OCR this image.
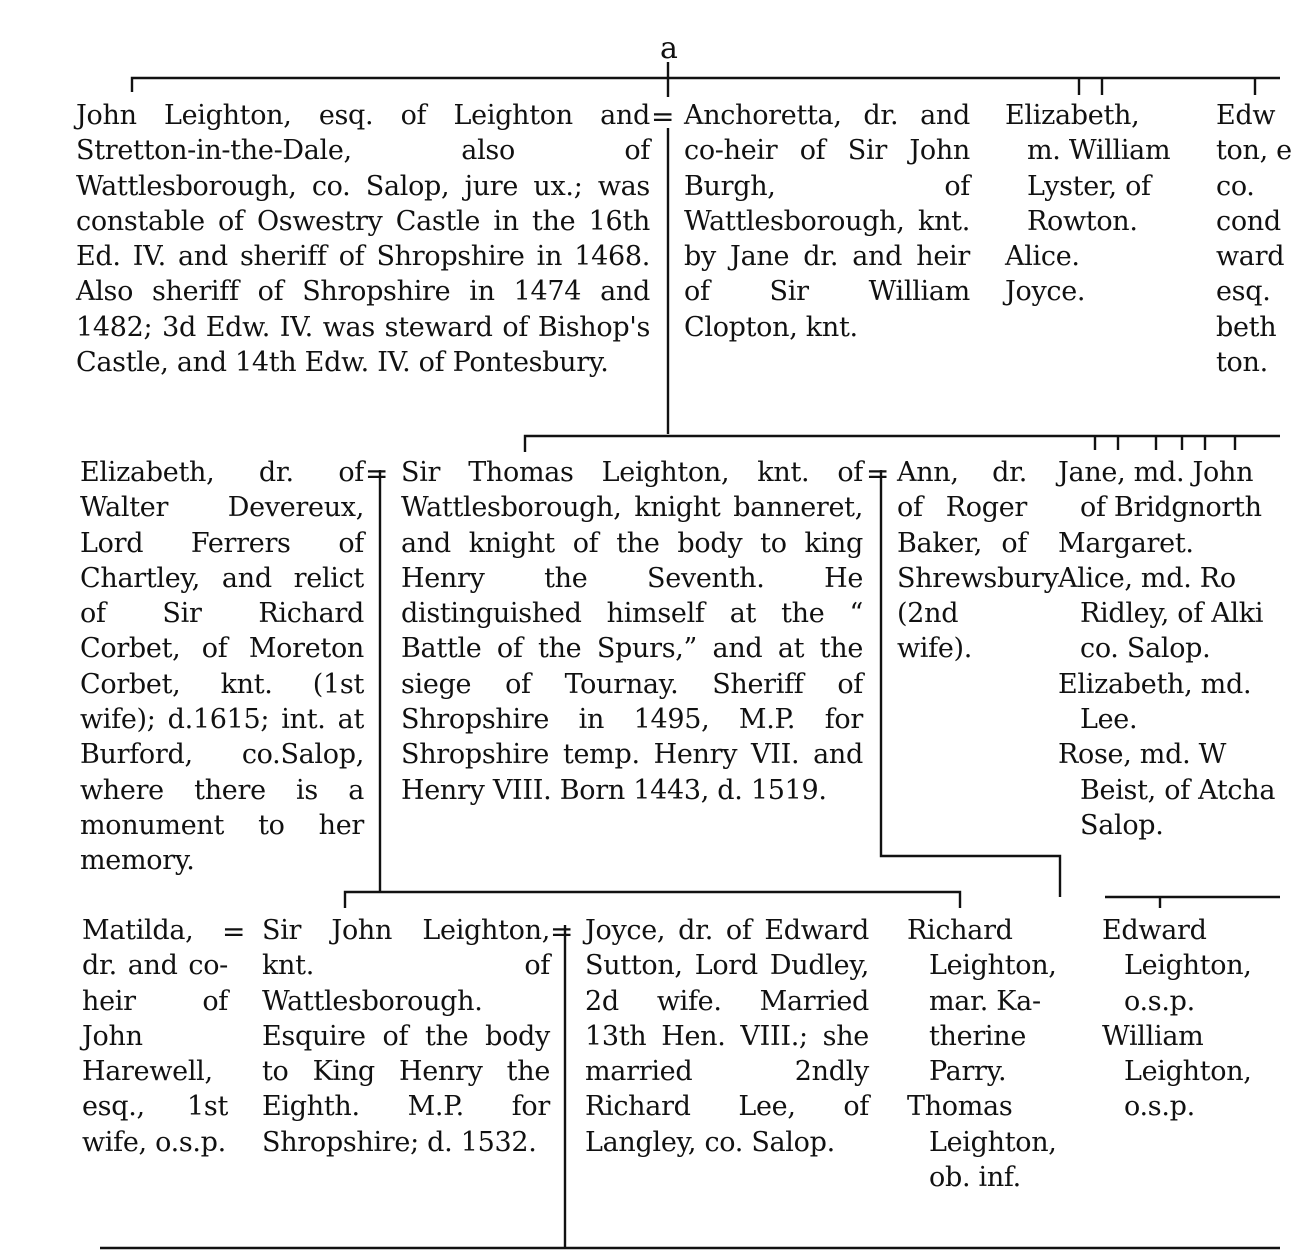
a
John Leighton, esq. of Leighton and Stretton-in-the-Dale, also of Wattlesborough, co. Salop, jure ux.; was constable of Oswestry Castle in the 16th Ed. IV. and sheriff of Shropshire in 1468. Also sheriff of Shropshire in 1474 and 1482; 3d Edw. IV. was steward of Bishop's Castle, and 14th Edw. IV. of Pontesbury.
= Anchoretta, dr. and co-heir of Sir John Burgh, of Wattlesborough, knt. by Jane dr. and heir of Sir William Clopton, knt.
Elizabeth,
m. William
Lyster, of
Rowton.
Alice.
Joyce.
Edw
ton, e
co.
cond
ward
esq.
beth
ton.
Elizabeth, dr. of Walter Devereux, Lord Ferrers of Chartley, and relict of Sir Richard Corbet, of Moreton Corbet, knt. (1st wife); d.1615; int. at Burford, co.Salop, where there is a monument to her memory.
= Sir Thomas Leighton, knt. of Wattlesborough, knight banneret, and knight of the body to king Henry the Seventh. He distinguished himself at the “ Battle of the Spurs,” and at the siege of Tournay. Sheriff of Shropshire in 1495, M.P. for Shropshire temp. Henry VII. and Henry VIII. Born 1443, d. 1519.
= Ann, dr. of Roger Baker, of Shrewsbury (2nd wife).
Jane, md. John
of Bridgnorth
Margaret.
Alice, md. Ro
Ridley, of Alki
co. Salop.
Elizabeth, md.
Lee.
Rose, md. W
Beist, of Atcha
Salop.
Matilda, dr. and co-heir of John Harewell, esq., 1st wife, o.s.p.
= Sir John Leighton, knt. of Wattlesborough. Esquire of the body to King Henry the Eighth. M.P. for Shropshire; d. 1532.
= Joyce, dr. of Edward Sutton, Lord Dudley, 2d wife. Married 13th Hen. VIII.; she married 2ndly Richard Lee, of Langley, co. Salop.
Richard
Leighton,
mar. Ka-
therine
Parry.
Thomas
Leighton,
ob. inf.
Edward
Leighton,
o.s.p.
William
Leighton,
o.s.p.
